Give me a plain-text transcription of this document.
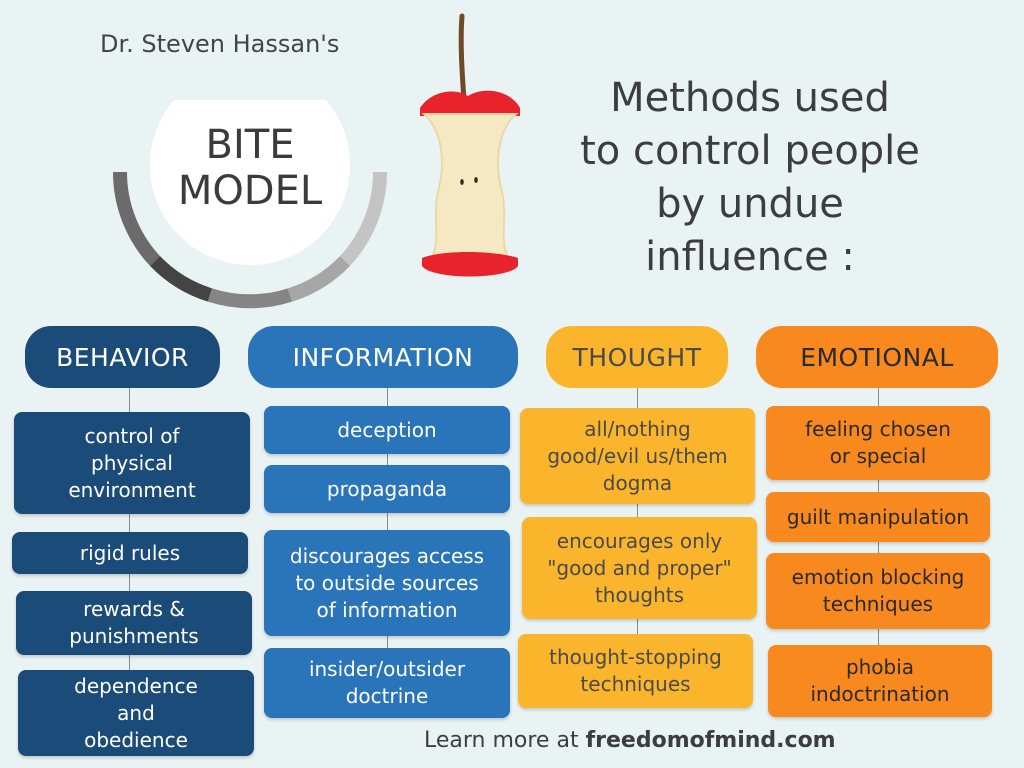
Dr. Steven Hassan's
BITE
MODEL
Methods used
to control people
by undue
influence :
BEHAVIOR
control of
physical
environment
rigid rules
rewards &
punishments
dependence
and
obedience
INFORMATION
deception
propaganda
discourages access
to outside sources
of information
insider/outsider
doctrine
THOUGHT
all/nothing
good/evil us/them
dogma
encourages only
"good and proper"
thoughts
thought-stopping
techniques
EMOTIONAL
feeling chosen
or special
guilt manipulation
emotion blocking
techniques
phobia
indoctrination
Learn more at freedomofmind.com
